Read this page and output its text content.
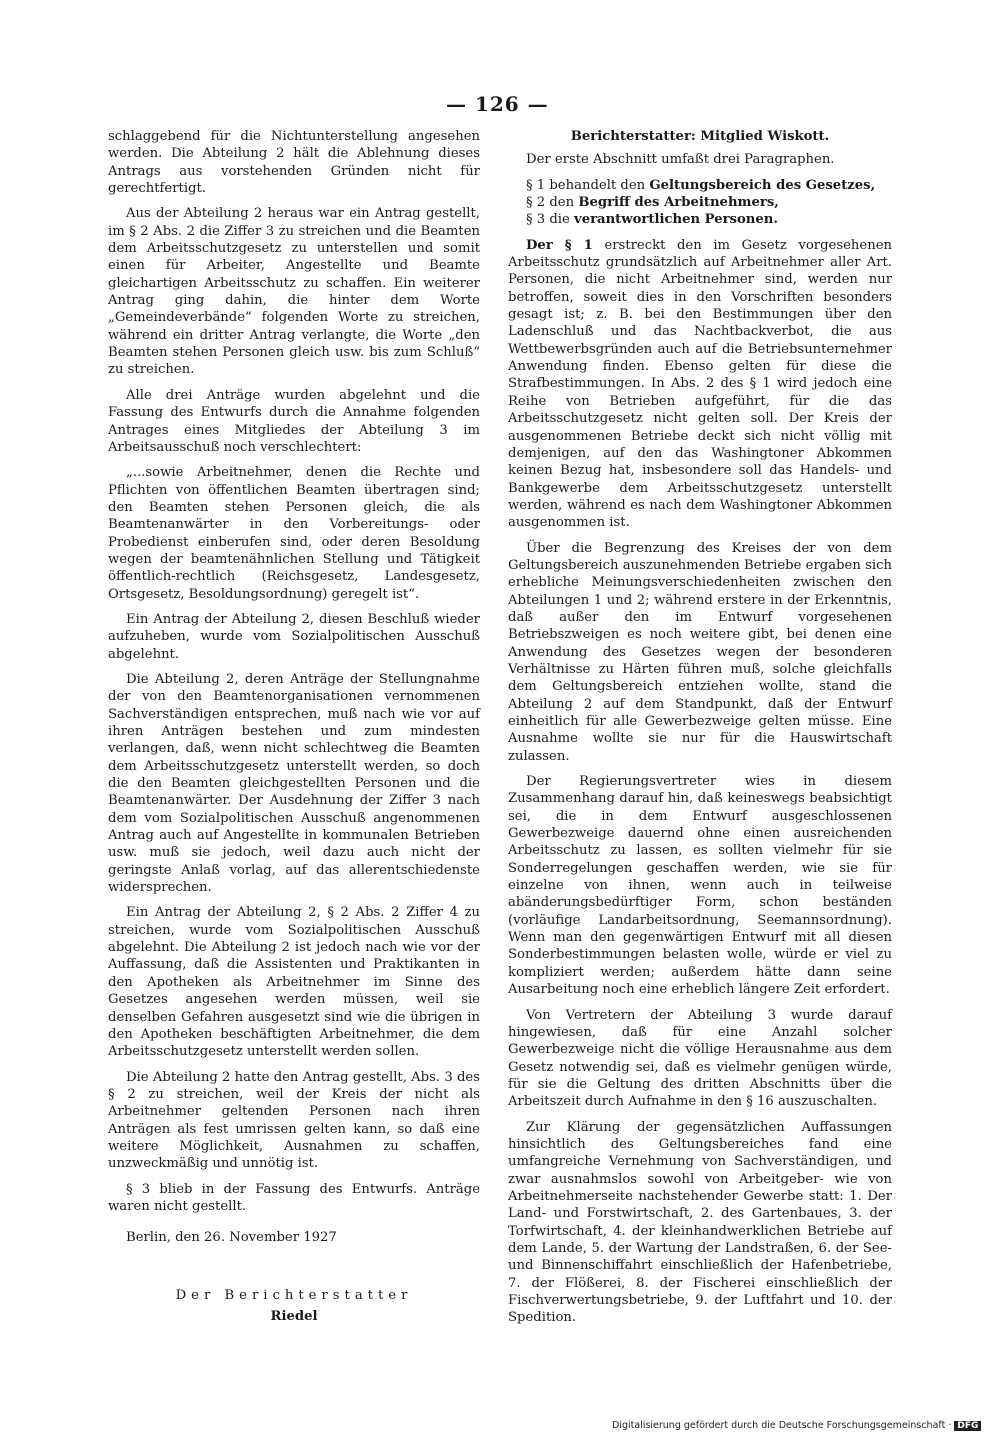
— 126 —

schlaggebend für die Nichtunterstellung angesehen werden. Die Abteilung 2 hält die Ablehnung dieses Antrags aus vorstehenden Gründen nicht für gerechtfertigt.

Aus der Abteilung 2 heraus war ein Antrag gestellt, im § 2 Abs. 2 die Ziffer 3 zu streichen und die Beamten dem Arbeitsschutzgesetz zu unterstellen und somit einen für Arbeiter, Angestellte und Beamte gleichartigen Arbeitsschutz zu schaffen. Ein weiterer Antrag ging dahin, die hinter dem Worte „Gemeindeverbände“ folgenden Worte zu streichen, während ein dritter Antrag verlangte, die Worte „den Beamten stehen Personen gleich usw. bis zum Schluß“ zu streichen.

Alle drei Anträge wurden abgelehnt und die Fassung des Entwurfs durch die Annahme folgenden Antrages eines Mitgliedes der Abteilung 3 im Arbeitsausschuß noch verschlechtert:

„...sowie Arbeitnehmer, denen die Rechte und Pflichten von öffentlichen Beamten übertragen sind; den Beamten stehen Personen gleich, die als Beamtenanwärter in den Vorbereitungs- oder Probedienst einberufen sind, oder deren Besoldung wegen der beamtenähnlichen Stellung und Tätigkeit öffentlich-rechtlich (Reichsgesetz, Landesgesetz, Ortsgesetz, Besoldungsordnung) geregelt ist“.

Ein Antrag der Abteilung 2, diesen Beschluß wieder aufzuheben, wurde vom Sozialpolitischen Ausschuß abgelehnt.

Die Abteilung 2, deren Anträge der Stellungnahme der von den Beamtenorganisationen vernommenen Sachverständigen entsprechen, muß nach wie vor auf ihren Anträgen bestehen und zum mindesten verlangen, daß, wenn nicht schlechtweg die Beamten dem Arbeitsschutzgesetz unterstellt werden, so doch die den Beamten gleichgestellten Personen und die Beamtenanwärter. Der Ausdehnung der Ziffer 3 nach dem vom Sozialpolitischen Ausschuß angenommenen Antrag auch auf Angestellte in kommunalen Betrieben usw. muß sie jedoch, weil dazu auch nicht der geringste Anlaß vorlag, auf das allerentschiedenste widersprechen.

Ein Antrag der Abteilung 2, § 2 Abs. 2 Ziffer 4 zu streichen, wurde vom Sozialpolitischen Ausschuß abgelehnt. Die Abteilung 2 ist jedoch nach wie vor der Auffassung, daß die Assistenten und Praktikanten in den Apotheken als Arbeitnehmer im Sinne des Gesetzes angesehen werden müssen, weil sie denselben Gefahren ausgesetzt sind wie die übrigen in den Apotheken beschäftigten Arbeitnehmer, die dem Arbeitsschutzgesetz unterstellt werden sollen.

Die Abteilung 2 hatte den Antrag gestellt, Abs. 3 des § 2 zu streichen, weil der Kreis der nicht als Arbeitnehmer geltenden Personen nach ihren Anträgen als fest umrissen gelten kann, so daß eine weitere Möglichkeit, Ausnahmen zu schaffen, unzweckmäßig und unnötig ist.

§ 3 blieb in der Fassung des Entwurfs. Anträge waren nicht gestellt.

Berlin, den 26. November 1927
Der Berichterstatter
Riedel
Berichterstatter: Mitglied Wiskott.

Der erste Abschnitt umfaßt drei Paragraphen.

§ 1 behandelt den Geltungsbereich des Gesetzes,
§ 2 den Begriff des Arbeitnehmers,
§ 3 die verantwortlichen Personen.

Der § 1 erstreckt den im Gesetz vorgesehenen Arbeitsschutz grundsätzlich auf Arbeitnehmer aller Art. Personen, die nicht Arbeitnehmer sind, werden nur betroffen, soweit dies in den Vorschriften besonders gesagt ist; z. B. bei den Bestimmungen über den Ladenschluß und das Nachtbackverbot, die aus Wettbewerbsgründen auch auf die Betriebsunternehmer Anwendung finden. Ebenso gelten für diese die Strafbestimmungen. In Abs. 2 des § 1 wird jedoch eine Reihe von Betrieben aufgeführt, für die das Arbeitsschutzgesetz nicht gelten soll. Der Kreis der ausgenommenen Betriebe deckt sich nicht völlig mit demjenigen, auf den das Washingtoner Abkommen keinen Bezug hat, insbesondere soll das Handels- und Bankgewerbe dem Arbeitsschutzgesetz unterstellt werden, während es nach dem Washingtoner Abkommen ausgenommen ist.

Über die Begrenzung des Kreises der von dem Geltungsbereich auszunehmenden Betriebe ergaben sich erhebliche Meinungsverschiedenheiten zwischen den Abteilungen 1 und 2; während erstere in der Erkenntnis, daß außer den im Entwurf vorgesehenen Betriebszweigen es noch weitere gibt, bei denen eine Anwendung des Gesetzes wegen der besonderen Verhältnisse zu Härten führen muß, solche gleichfalls dem Geltungsbereich entziehen wollte, stand die Abteilung 2 auf dem Standpunkt, daß der Entwurf einheitlich für alle Gewerbezweige gelten müsse. Eine Ausnahme wollte sie nur für die Hauswirtschaft zulassen.

Der Regierungsvertreter wies in diesem Zusammenhang darauf hin, daß keineswegs beabsichtigt sei, die in dem Entwurf ausgeschlossenen Gewerbezweige dauernd ohne einen ausreichenden Arbeitsschutz zu lassen, es sollten vielmehr für sie Sonderregelungen geschaffen werden, wie sie für einzelne von ihnen, wenn auch in teilweise abänderungsbedürftiger Form, schon beständen (vorläufige Landarbeitsordnung, Seemannsordnung). Wenn man den gegenwärtigen Entwurf mit all diesen Sonderbestimmungen belasten wolle, würde er viel zu kompliziert werden; außerdem hätte dann seine Ausarbeitung noch eine erheblich längere Zeit erfordert.

Von Vertretern der Abteilung 3 wurde darauf hingewiesen, daß für eine Anzahl solcher Gewerbezweige nicht die völlige Herausnahme aus dem Gesetz notwendig sei, daß es vielmehr genügen würde, für sie die Geltung des dritten Abschnitts über die Arbeitszeit durch Aufnahme in den § 16 auszuschalten.

Zur Klärung der gegensätzlichen Auffassungen hinsichtlich des Geltungsbereiches fand eine umfangreiche Vernehmung von Sachverständigen, und zwar ausnahmslos sowohl von Arbeitgeber- wie von Arbeitnehmerseite nachstehender Gewerbe statt: 1. Der Land- und Forstwirtschaft, 2. des Gartenbaues, 3. der Torfwirtschaft, 4. der kleinhandwerklichen Betriebe auf dem Lande, 5. der Wartung der Landstraßen, 6. der See- und Binnenschiffahrt einschließlich der Hafenbetriebe, 7. der Flößerei, 8. der Fischerei einschließlich der Fischverwertungsbetriebe, 9. der Luftfahrt und 10. der Spedition.

Digitalisierung gefördert durch die Deutsche Forschungsgemeinschaft · DFG
